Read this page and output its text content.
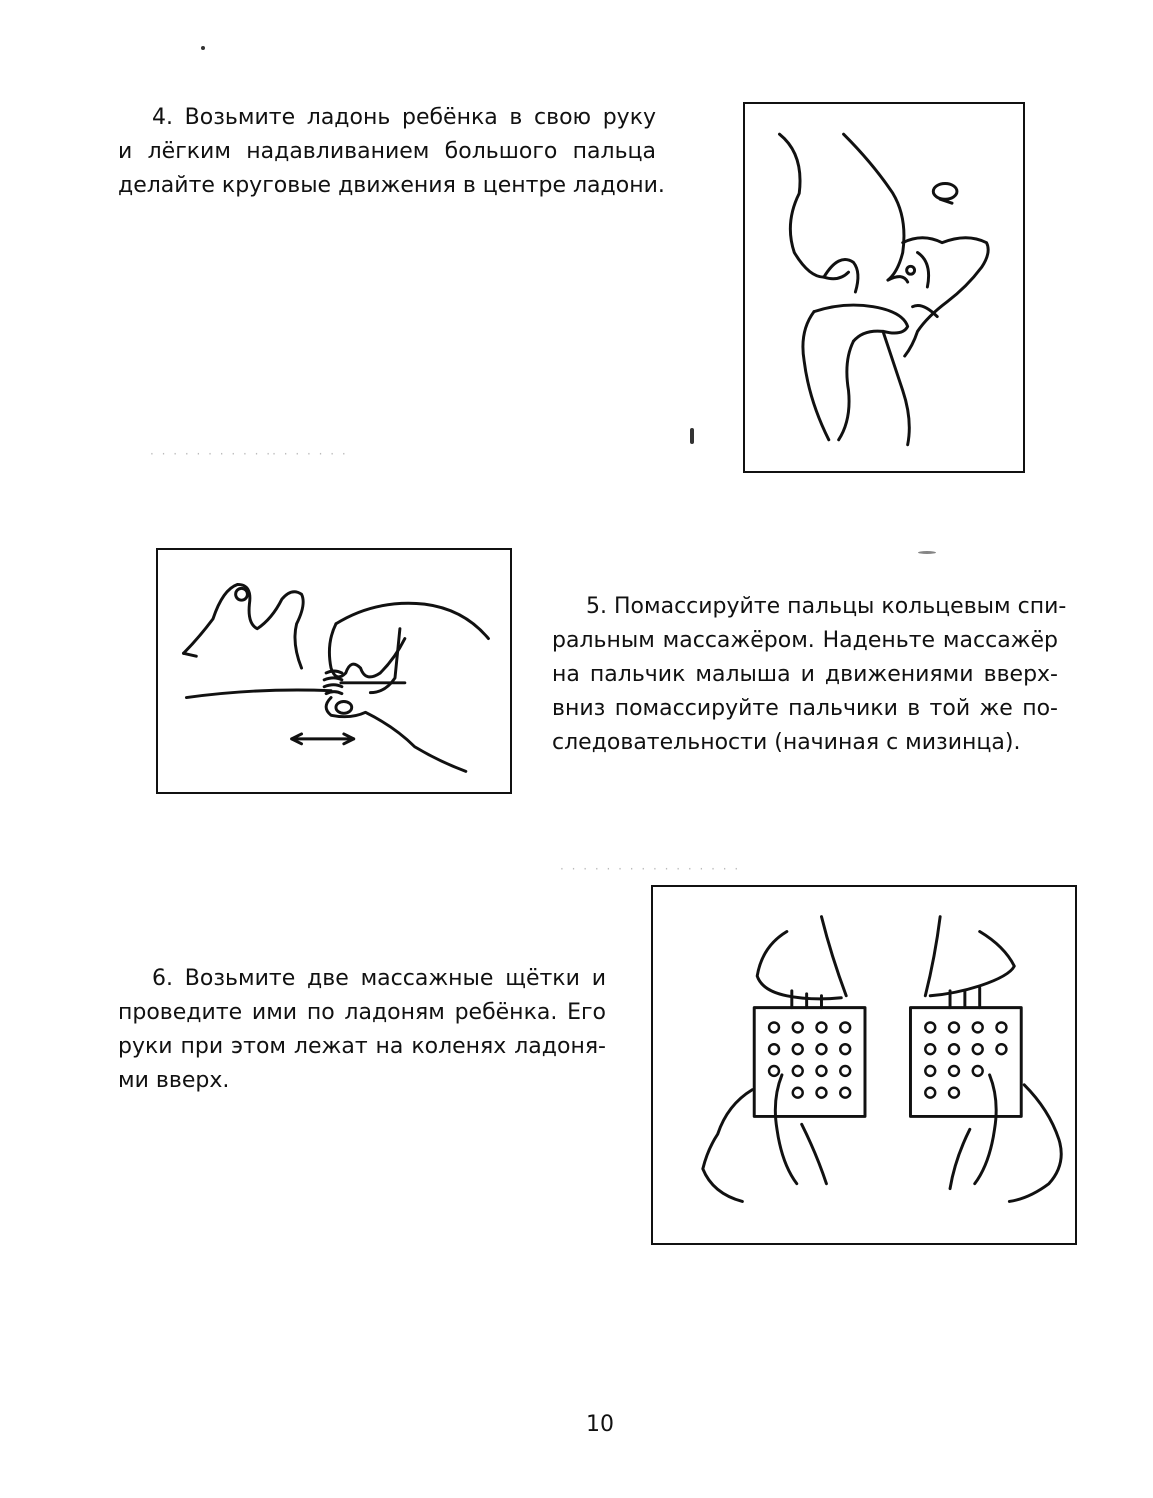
· · · · · · · · · · ·· · · · · · ·
· · · · · · · · · · · · · · · ·
4. Возьмите ладонь ребёнка в свою руку
и лёгким надавливанием большого пальца
делайте круговые движения в центре ладони.
5. Помассируйте пальцы кольцевым спи-
ральным массажёром. Наденьте массажёр
на пальчик малыша и движениями вверх-
вниз помассируйте пальчики в той же по-
следовательности (начиная с мизинца).
6. Возьмите две массажные щётки и
проведите ими по ладоням ребёнка. Его
руки при этом лежат на коленях ладоня-
ми вверх.
10
